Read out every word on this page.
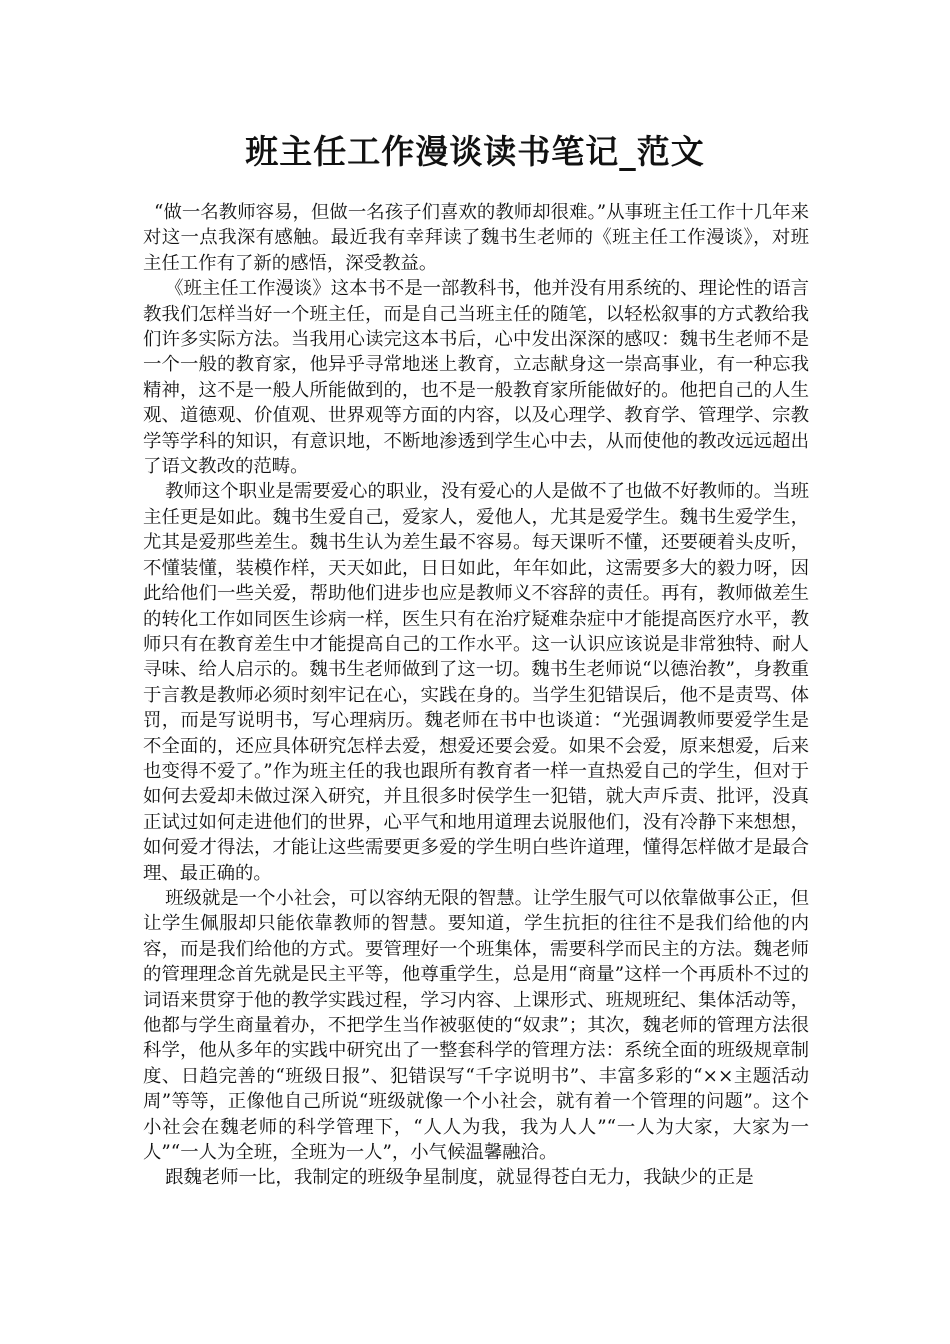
班主任工作漫谈读书笔记_范文

“做一名教师容易，但做一名孩子们喜欢的教师却很难。”从事班主任工作十几年来对这一点我深有感触。最近我有幸拜读了魏书生老师的《班主任工作漫谈》，对班主任工作有了新的感悟，深受教益。

《班主任工作漫谈》这本书不是一部教科书，他并没有用系统的、理论性的语言教我们怎样当好一个班主任，而是自己当班主任的随笔，以轻松叙事的方式教给我们许多实际方法。当我用心读完这本书后，心中发出深深的感叹：魏书生老师不是一个一般的教育家，他异乎寻常地迷上教育，立志献身这一崇高事业，有一种忘我精神，这不是一般人所能做到的，也不是一般教育家所能做好的。他把自己的人生观、道德观、价值观、世界观等方面的内容，以及心理学、教育学、管理学、宗教学等学科的知识，有意识地，不断地渗透到学生心中去，从而使他的教改远远超出了语文教改的范畴。

教师这个职业是需要爱心的职业，没有爱心的人是做不了也做不好教师的。当班主任更是如此。魏书生爱自己，爱家人，爱他人，尤其是爱学生。魏书生爱学生，尤其是爱那些差生。魏书生认为差生最不容易。每天课听不懂，还要硬着头皮听，不懂装懂，装模作样，天天如此，日日如此，年年如此，这需要多大的毅力呀，因此给他们一些关爱，帮助他们进步也应是教师义不容辞的责任。再有，教师做差生的转化工作如同医生诊病一样，医生只有在治疗疑难杂症中才能提高医疗水平，教师只有在教育差生中才能提高自己的工作水平。这一认识应该说是非常独特、耐人寻味、给人启示的。魏书生老师做到了这一切。魏书生老师说“以德治教”，身教重于言教是教师必须时刻牢记在心，实践在身的。当学生犯错误后，他不是责骂、体罚，而是写说明书，写心理病历。魏老师在书中也谈道：“光强调教师要爱学生是不全面的，还应具体研究怎样去爱，想爱还要会爱。如果不会爱，原来想爱，后来也变得不爱了。”作为班主任的我也跟所有教育者一样一直热爱自己的学生，但对于如何去爱却未做过深入研究，并且很多时侯学生一犯错，就大声斥责、批评，没真正试过如何走进他们的世界，心平气和地用道理去说服他们，没有冷静下来想想，如何爱才得法，才能让这些需要更多爱的学生明白些许道理，懂得怎样做才是最合理、最正确的。

班级就是一个小社会，可以容纳无限的智慧。让学生服气可以依靠做事公正，但让学生佩服却只能依靠教师的智慧。要知道，学生抗拒的往往不是我们给他的内容，而是我们给他的方式。要管理好一个班集体，需要科学而民主的方法。魏老师的管理理念首先就是民主平等，他尊重学生，总是用“商量”这样一个再质朴不过的词语来贯穿于他的教学实践过程，学习内容、上课形式、班规班纪、集体活动等，他都与学生商量着办，不把学生当作被驱使的“奴隶”；其次，魏老师的管理方法很科学，他从多年的实践中研究出了一整套科学的管理方法：系统全面的班级规章制度、日趋完善的“班级日报”、犯错误写“千字说明书”、丰富多彩的“××主题活动周”等等，正像他自己所说“班级就像一个小社会，就有着一个管理的问题”。这个小社会在魏老师的科学管理下，“人人为我，我为人人”“一人为大家，大家为一人”“一人为全班，全班为一人”，小气候温馨融洽。

跟魏老师一比，我制定的班级争星制度，就显得苍白无力，我缺少的正是
